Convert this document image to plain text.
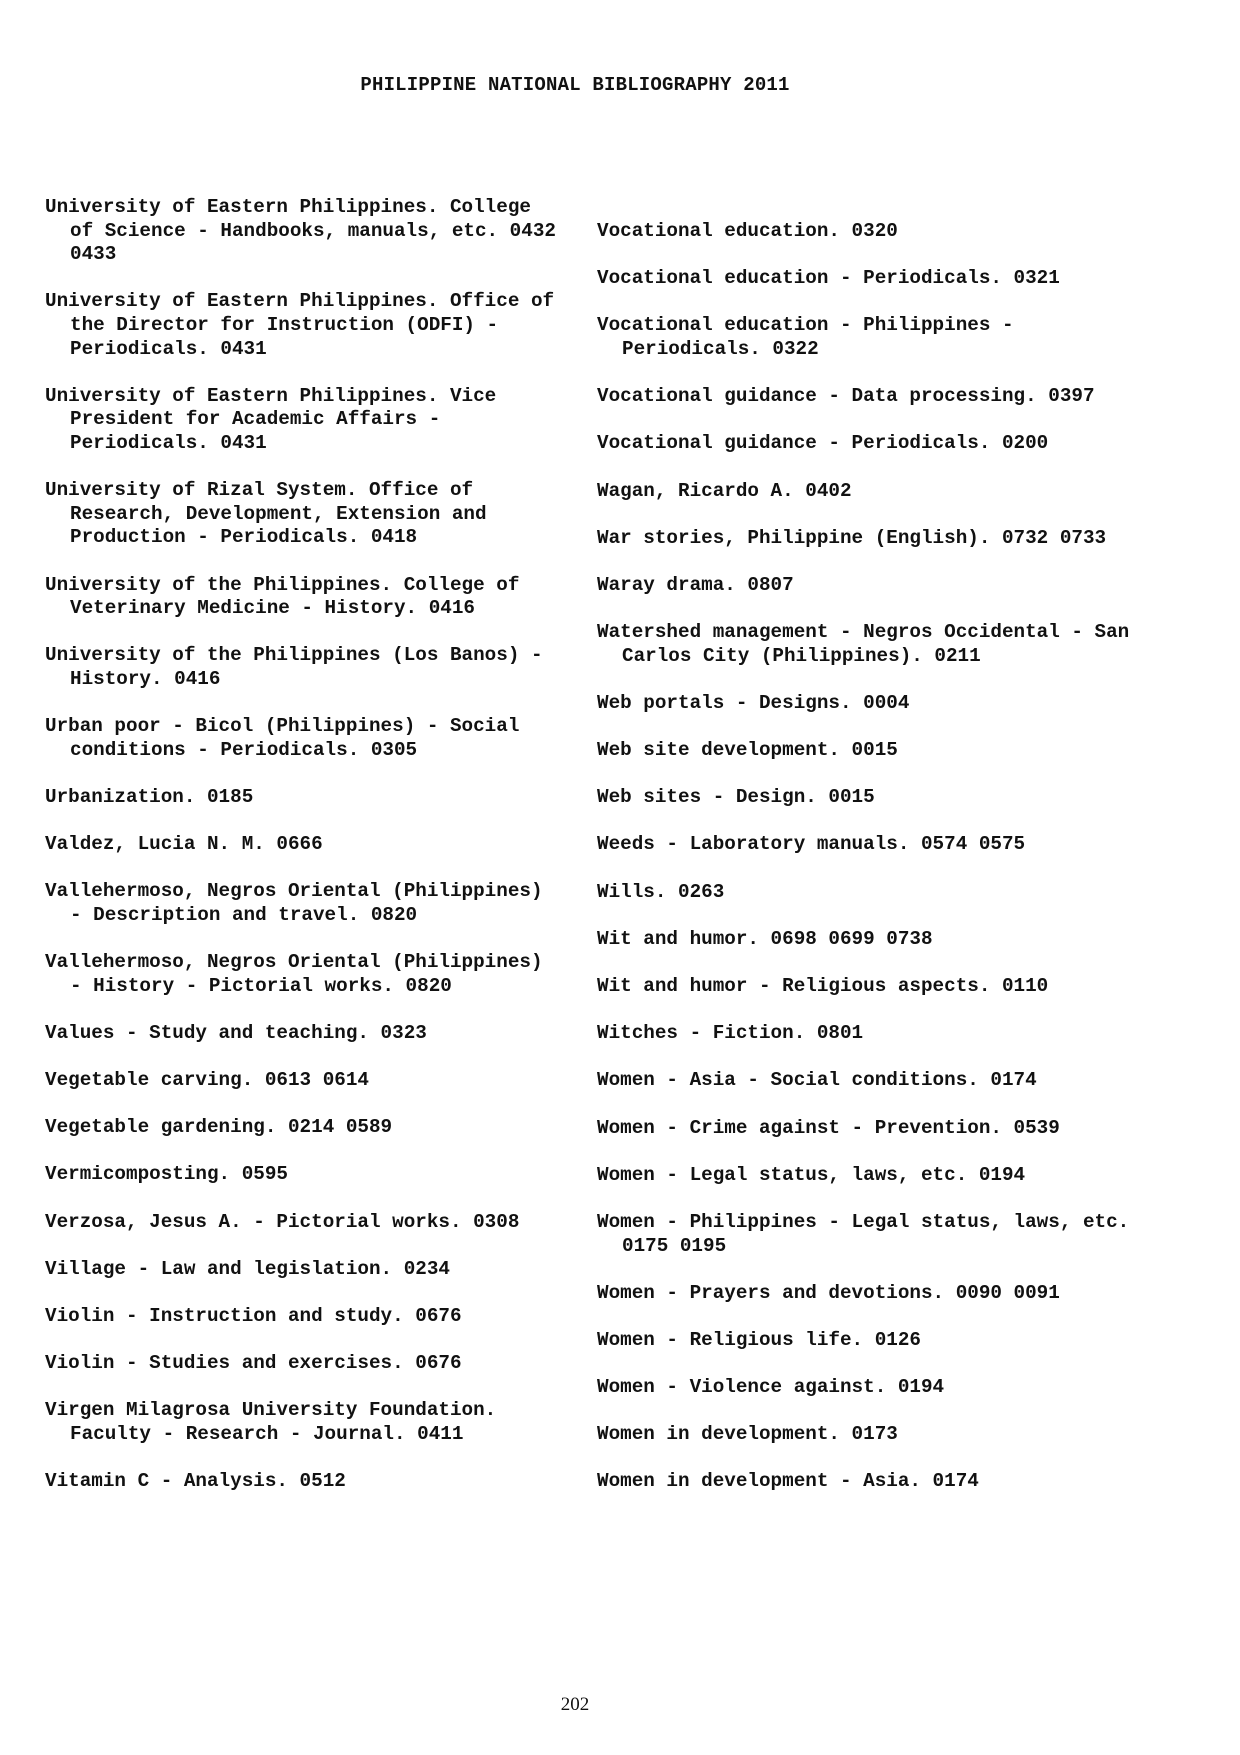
PHILIPPINE NATIONAL BIBLIOGRAPHY 2011

University of Eastern Philippines. College of Science - Handbooks, manuals, etc. 0432 0433

University of Eastern Philippines. Office of the Director for Instruction (ODFI) - Periodicals. 0431

University of Eastern Philippines. Vice President for Academic Affairs - Periodicals. 0431

University of Rizal System. Office of Research, Development, Extension and Production - Periodicals. 0418

University of the Philippines. College of Veterinary Medicine - History. 0416

University of the Philippines (Los Banos) - History. 0416

Urban poor - Bicol (Philippines) - Social conditions - Periodicals. 0305

Urbanization. 0185

Valdez, Lucia N. M. 0666

Vallehermoso, Negros Oriental (Philippines) - Description and travel. 0820

Vallehermoso, Negros Oriental (Philippines) - History - Pictorial works. 0820

Values - Study and teaching. 0323

Vegetable carving. 0613 0614

Vegetable gardening. 0214 0589

Vermicomposting. 0595

Verzosa, Jesus A. - Pictorial works. 0308

Village - Law and legislation. 0234

Violin - Instruction and study. 0676

Violin - Studies and exercises. 0676

Virgen Milagrosa University Foundation. Faculty - Research - Journal. 0411

Vitamin C - Analysis. 0512

Vocational education. 0320

Vocational education - Periodicals. 0321

Vocational education - Philippines - Periodicals. 0322

Vocational guidance - Data processing. 0397

Vocational guidance - Periodicals. 0200

Wagan, Ricardo A. 0402

War stories, Philippine (English). 0732 0733

Waray drama. 0807

Watershed management - Negros Occidental - San Carlos City (Philippines). 0211

Web portals - Designs. 0004

Web site development. 0015

Web sites - Design. 0015

Weeds - Laboratory manuals. 0574 0575

Wills. 0263

Wit and humor. 0698 0699 0738

Wit and humor - Religious aspects. 0110

Witches - Fiction. 0801

Women - Asia - Social conditions. 0174

Women - Crime against - Prevention. 0539

Women - Legal status, laws, etc. 0194

Women - Philippines - Legal status, laws, etc. 0175 0195

Women - Prayers and devotions. 0090 0091

Women - Religious life. 0126

Women - Violence against. 0194

Women in development. 0173

Women in development - Asia. 0174

202
